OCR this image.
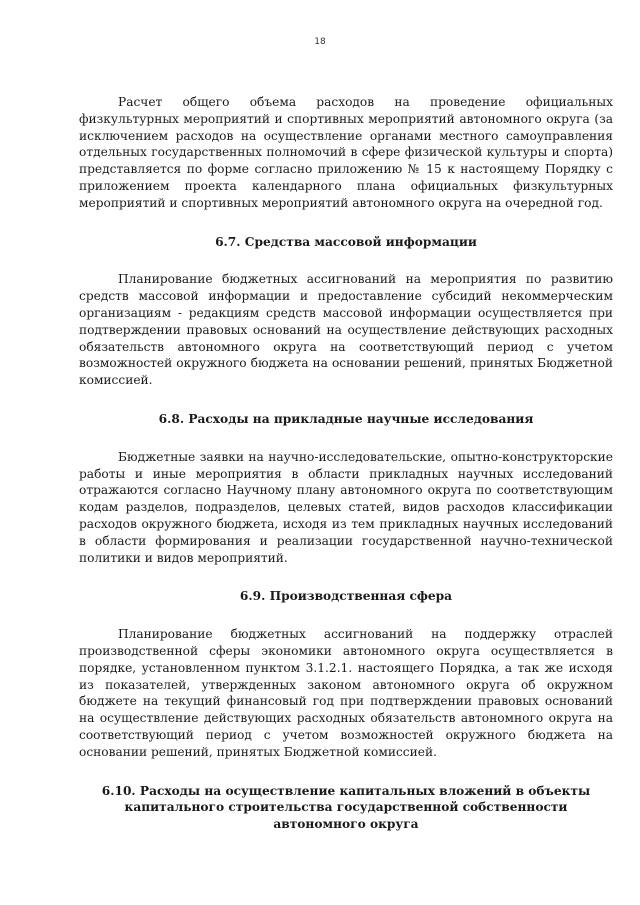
18

Расчет общего объема расходов на проведение официальных физкультурных мероприятий и спортивных мероприятий автономного округа (за исключением расходов на осуществление органами местного самоуправления отдельных государственных полномочий в сфере физической культуры и спорта) представляется по форме согласно приложению № 15 к настоящему Порядку с приложением проекта календарного плана официальных физкультурных мероприятий и спортивных мероприятий автономного округа на очередной год.

6.7. Средства массовой информации

Планирование бюджетных ассигнований на мероприятия по развитию средств массовой информации и предоставление субсидий некоммерческим организациям - редакциям средств массовой информации осуществляется при подтверждении правовых оснований на осуществление действующих расходных обязательств автономного округа на соответствующий период с учетом возможностей окружного бюджета на основании решений, принятых Бюджетной комиссией.

6.8. Расходы на прикладные научные исследования

Бюджетные заявки на научно-исследовательские, опытно-конструкторские работы и иные мероприятия в области прикладных научных исследований отражаются согласно Научному плану автономного округа по соответствующим кодам разделов, подразделов, целевых статей, видов расходов классификации расходов окружного бюджета, исходя из тем прикладных научных исследований в области формирования и реализации государственной научно-технической политики и видов мероприятий.

6.9. Производственная сфера

Планирование бюджетных ассигнований на поддержку отраслей производственной сферы экономики автономного округа осуществляется в порядке, установленном пунктом 3.1.2.1. настоящего Порядка, а так же исходя из показателей, утвержденных законом автономного округа об окружном бюджете на текущий финансовый год при подтверждении правовых оснований на осуществление действующих расходных обязательств автономного округа на соответствующий период с учетом возможностей окружного бюджета на основании решений, принятых Бюджетной комиссией.

6.10. Расходы на осуществление капитальных вложений в объекты капитального строительства государственной собственности автономного округа
